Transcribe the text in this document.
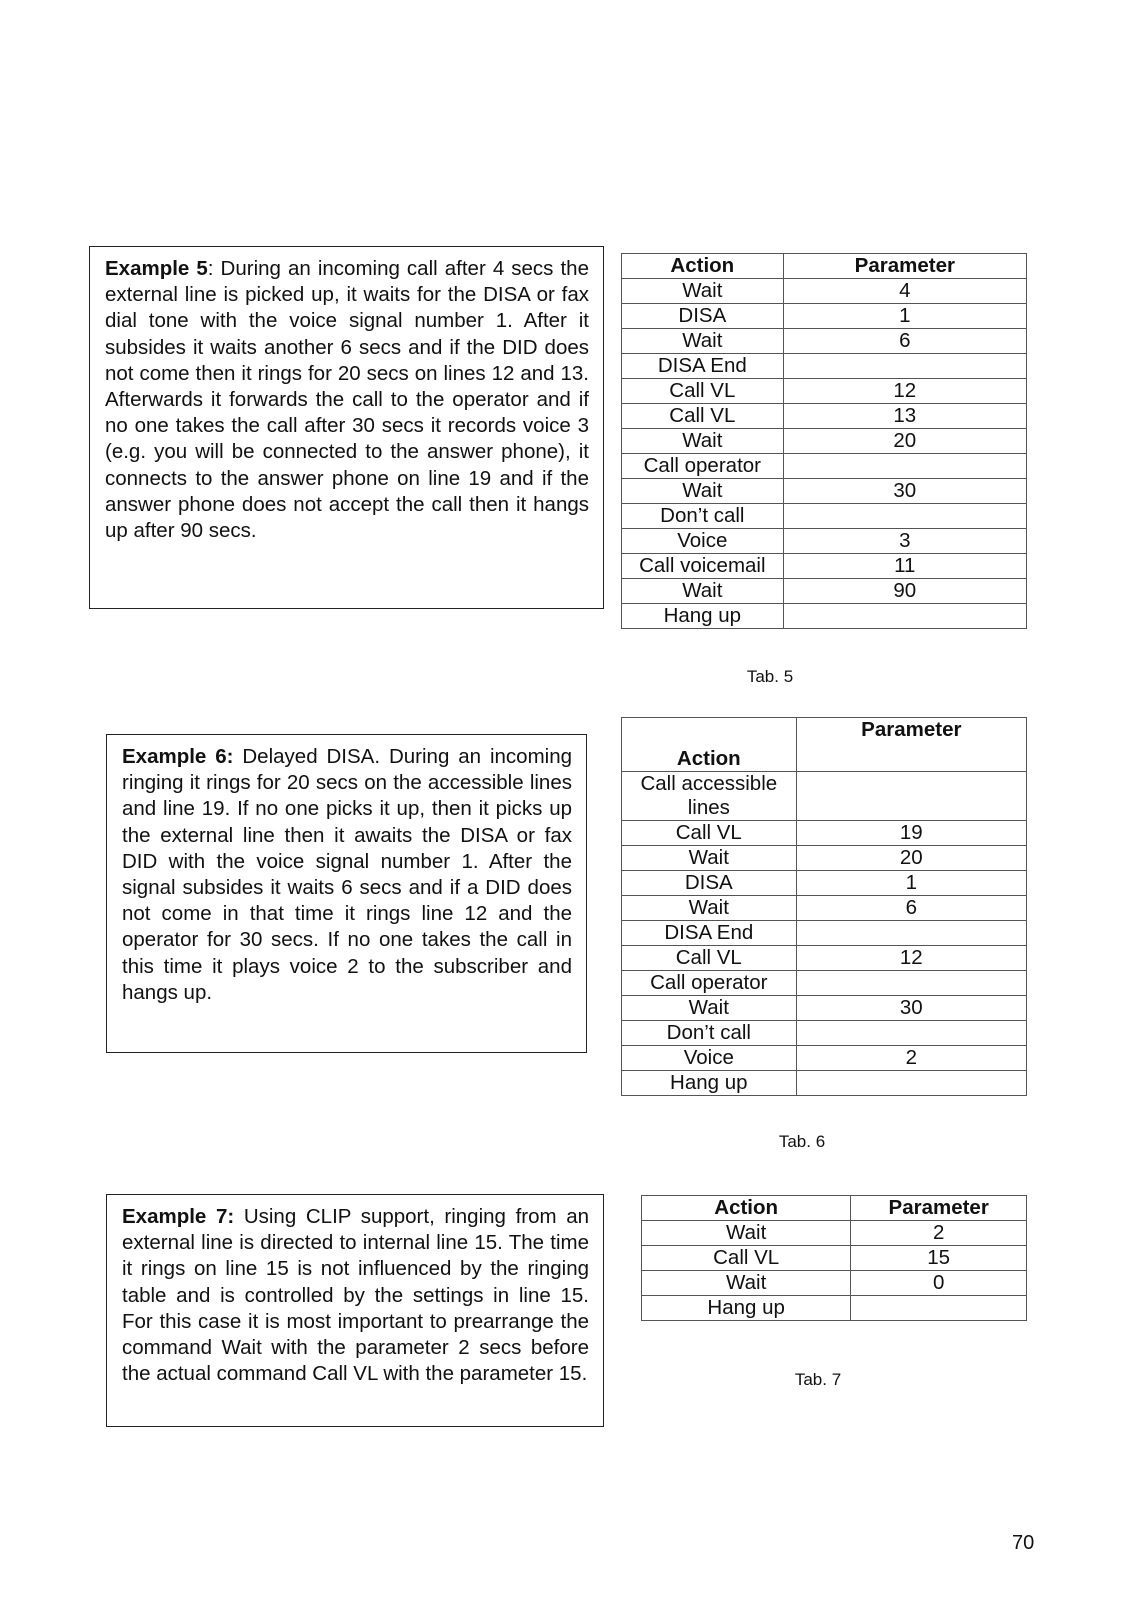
Example 5: During an incoming call after 4 secs the external line is picked up, it waits for the DISA or fax dial tone with the voice signal number 1. After it subsides it waits another 6 secs and if the DID does not come then it rings for 20 secs on lines 12 and 13. Afterwards it forwards the call to the operator and if no one takes the call after 30 secs it records voice 3 (e.g. you will be connected to the answer phone), it connects to the answer phone on line 19 and if the answer phone does not accept the call then it hangs up after 90 secs.

Action	Parameter
Wait	4
DISA	1
Wait	6
DISA End	
Call VL	12
Call VL	13
Wait	20
Call operator	
Wait	30
Don’t call	
Voice	3
Call voicemail	11
Wait	90
Hang up	
Tab. 5

Example 6: Delayed DISA. During an incoming ringing it rings for 20 secs on the accessible lines and line 19. If no one picks it up, then it picks up the external line then it awaits the DISA or fax DID with the voice signal number 1. After the signal subsides it waits 6 secs and if a DID does not come in that time it rings line 12 and the operator for 30 secs. If no one takes the call in this time it plays voice 2 to the subscriber and hangs up.

Action	Parameter
Call accessible lines	
Call VL	19
Wait	20
DISA	1
Wait	6
DISA End	
Call VL	12
Call operator	
Wait	30
Don’t call	
Voice	2
Hang up	
Tab. 6

Example 7: Using CLIP support, ringing from an external line is directed to internal line 15. The time it rings on line 15 is not influenced by the ringing table and is controlled by the settings in line 15. For this case it is most important to prearrange the command Wait with the parameter 2 secs before the actual command Call VL with the parameter 15.

Action	Parameter
Wait	2
Call VL	15
Wait	0
Hang up	
Tab. 7
70
